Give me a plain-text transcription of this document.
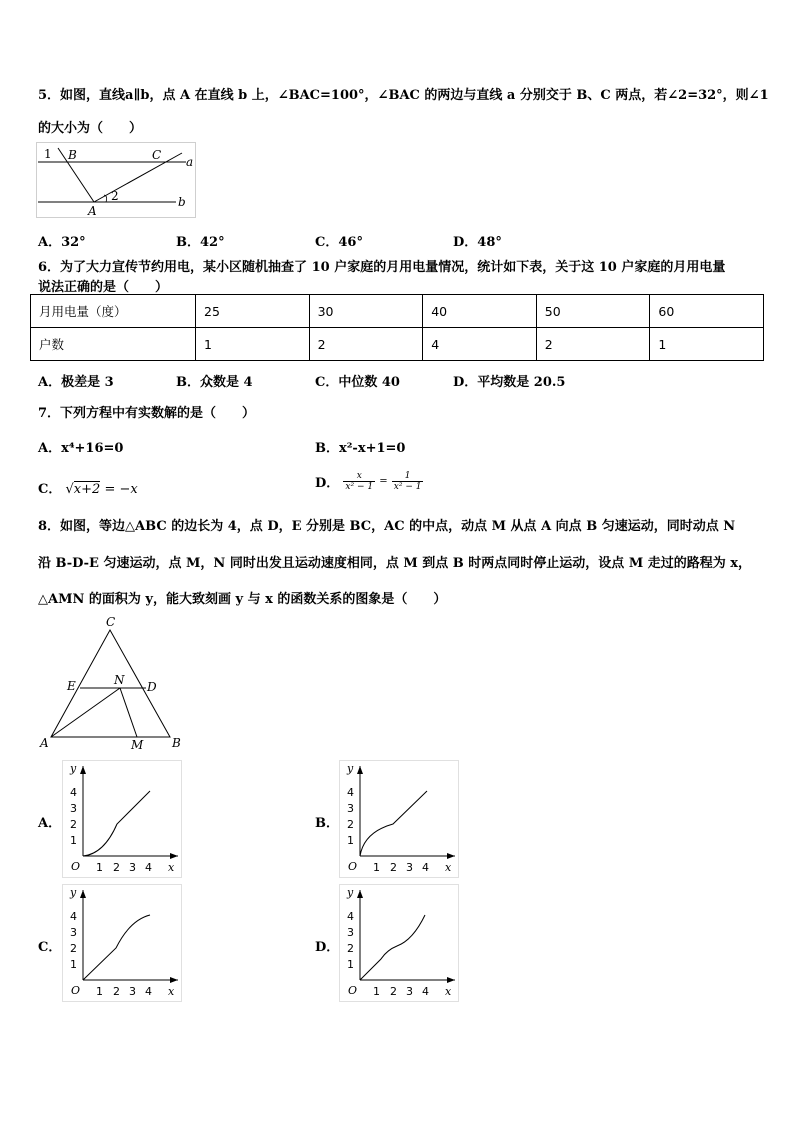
5．如图，直线a∥b，点 A 在直线 b 上，∠BAC=100°，∠BAC 的两边与直线 a 分别交于 B、C 两点，若∠2=32°，则∠1
的大小为（　　）
1 B	C a
2
A
b
A．32°	B．42°	C．46°	D．48°
6．为了大力宣传节约用电，某小区随机抽查了 10 户家庭的月用电量情况，统计如下表，关于这 10 户家庭的月用电量
说法正确的是（　　）
月用电量（度）	25	30	40	50	60
户数	1	2	4	2	1
A．极差是 3	B．众数是 4	C．中位数 40	D．平均数是 20.5
7．下列方程中有实数解的是（　　）
A．x⁴+16=0	B．x²-x+1=0
C． √x+2 = −x	D． $\frac{x}{\text{x² − 1}} = \frac{1}{\text{x² − 1}}$
8．如图，等边△ABC 的边长为 4，点 D，E 分别是 BC，AC 的中点，动点 M 从点 A 向点 B 匀速运动，同时动点 N
沿 B-D-E 匀速运动，点 M，N 同时出发且运动速度相同，点 M 到点 B 时两点同时停止运动，设点 M 走过的路程为 x，
△AMN 的面积为 y，能大致刻画 y 与 x 的函数关系的图象是（　　）
C
E	N D
A	M B
A．	B．
C．	D．
y
x
O 1 2 3 4
1
2
3
4
y
x
O 1 2 3 4
1
2
3
4
y
x
O 1 2 3 4
1
2
3
4
y
x
O 1 2 3 4
1
2
3
4
